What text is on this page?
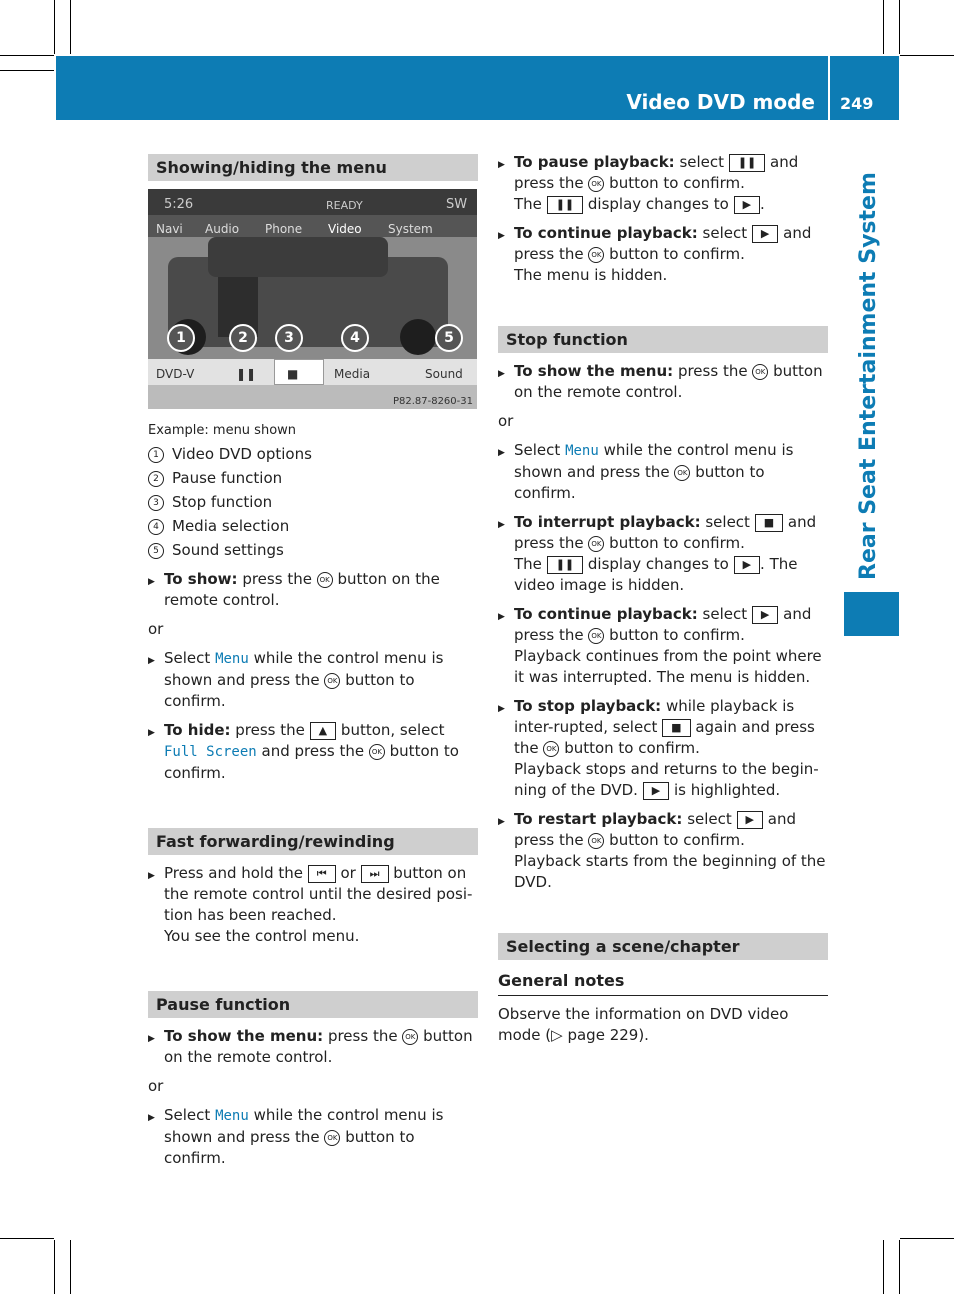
Video DVD mode 249
Rear Seat Entertainment System
Showing/hiding the menu
5:26	READY	SW
Navi Audio Phone Video System
1	2	3	4	5
DVD-V	❚❚	■	Media	Sound
P82.87-8260-31
Example: menu shown
1 Video DVD options
2 Pause function
3 Stop function
4 Media selection
5 Sound settings
▶ To show: press the OK button on the remote control.
or
▶ Select Menu while the control menu is shown and press the OK button to confirm.
▶ To hide: press the ▲ button, select Full Screen and press the OK button to confirm.
Fast forwarding/rewinding
▶ Press and hold the ⏮ or ⏭ button on the remote control until the desired posi-tion has been reached.
You see the control menu.
Pause function
▶ To show the menu: press the OK button on the remote control.
or
▶ Select Menu while the control menu is shown and press the OK button to confirm.
▶ To pause playback: select ❚❚ and press the OK button to confirm.
The ❚❚ display changes to ▶ .
▶ To continue playback: select ▶ and press the OK button to confirm.
The menu is hidden.
Stop function
▶ To show the menu: press the OK button on the remote control.
or
▶ Select Menu while the control menu is shown and press the OK button to confirm.
▶ To interrupt playback: select ■ and press the OK button to confirm.
The ❚❚ display changes to ▶ . The video image is hidden.
▶ To continue playback: select ▶ and press the OK button to confirm.
Playback continues from the point where it was interrupted. The menu is hidden.
▶ To stop playback: while playback is inter-rupted, select ■ again and press the OK button to confirm.
Playback stops and returns to the begin-ning of the DVD. ▶ is highlighted.
▶ To restart playback: select ▶ and press the OK button to confirm.
Playback starts from the beginning of the DVD.
Selecting a scene/chapter
General notes
Observe the information on DVD video mode (▷ page 229).
